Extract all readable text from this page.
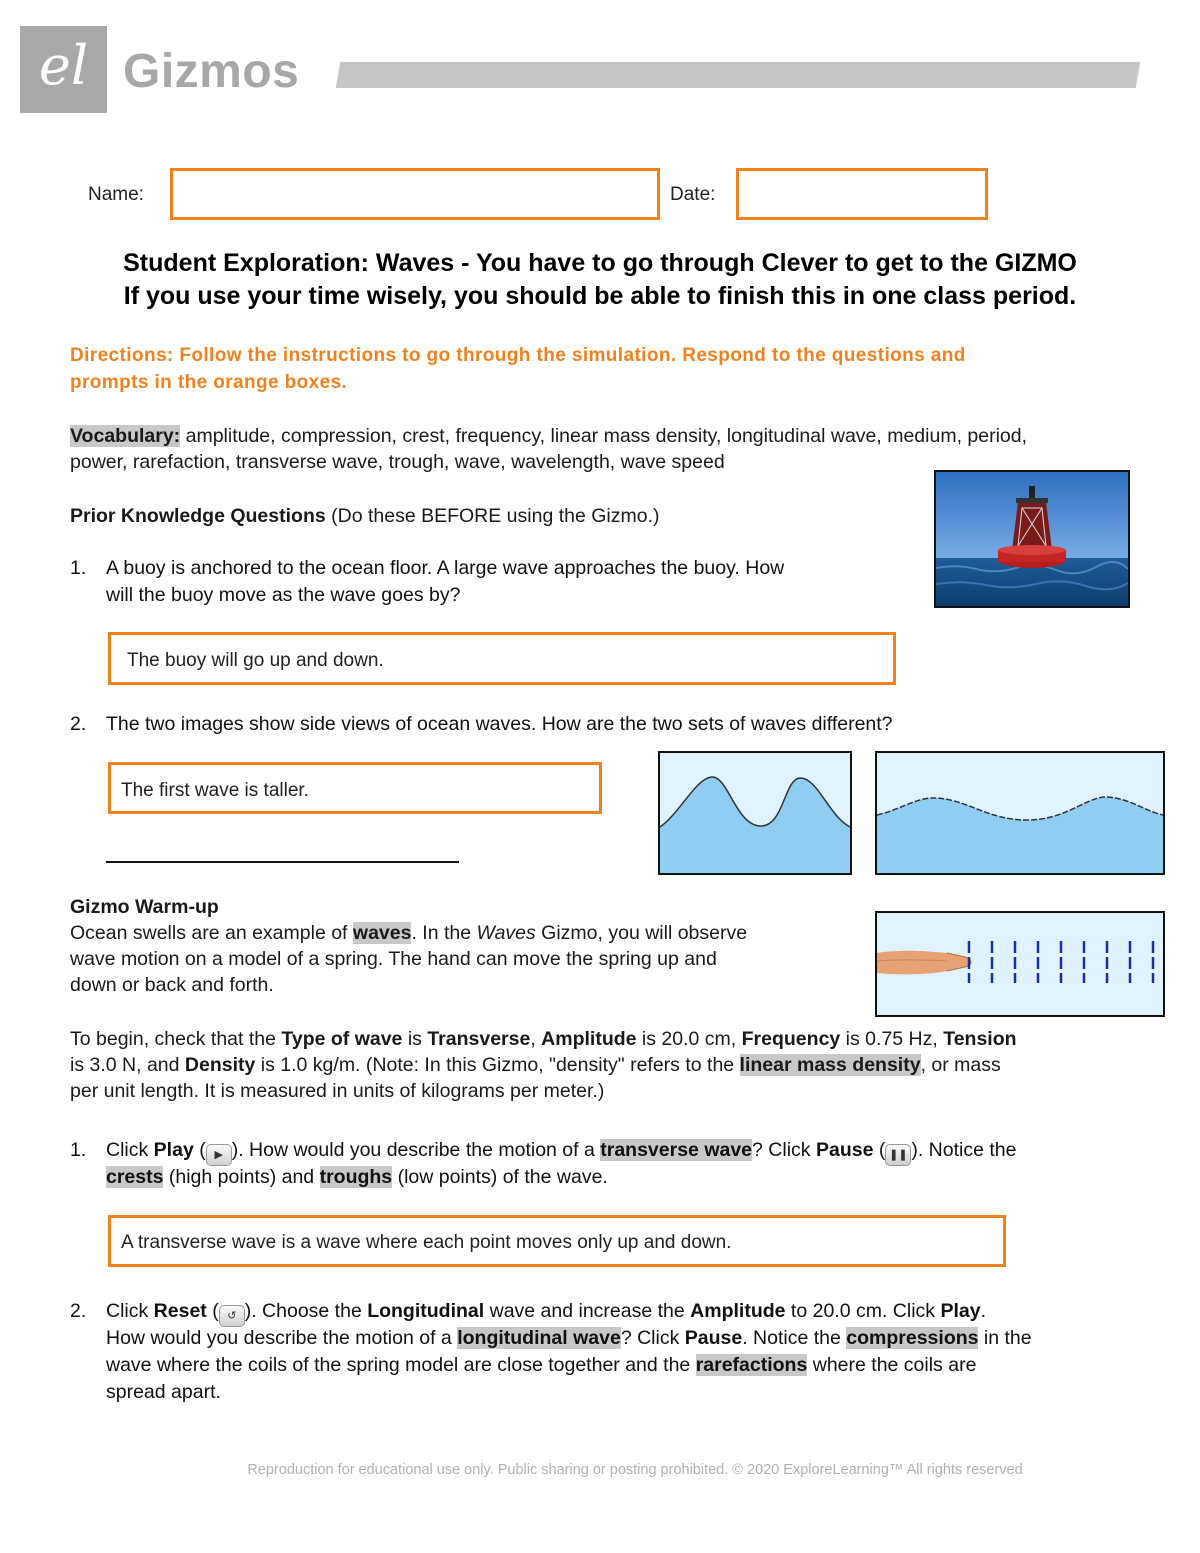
el Gizmos
Name:	Date:
Student Exploration: Waves - You have to go through Clever to get to the GIZMO
If you use your time wisely, you should be able to finish this in one class period.
Directions: Follow the instructions to go through the simulation. Respond to the questions and
prompts in the orange boxes.
Vocabulary: amplitude, compression, crest, frequency, linear mass density, longitudinal wave, medium, period,
power, rarefaction, transverse wave, trough, wave, wavelength, wave speed
Prior Knowledge Questions (Do these BEFORE using the Gizmo.)
1. A buoy is anchored to the ocean floor. A large wave approaches the buoy. How
will the buoy move as the wave goes by?
The buoy will go up and down.
2. The two images show side views of ocean waves. How are the two sets of waves different?
The first wave is taller.
Gizmo Warm-up
Ocean swells are an example of waves. In the Waves Gizmo, you will observe
wave motion on a model of a spring. The hand can move the spring up and
down or back and forth.
To begin, check that the Type of wave is Transverse, Amplitude is 20.0 cm, Frequency is 0.75 Hz, Tension
is 3.0 N, and Density is 1.0 kg/m. (Note: In this Gizmo, "density" refers to the linear mass density, or mass
per unit length. It is measured in units of kilograms per meter.)
1. Click Play ( ▶ ). How would you describe the motion of a transverse wave? Click Pause ( ❚❚ ). Notice the
crests (high points) and troughs (low points) of the wave.
A transverse wave is a wave where each point moves only up and down.
2. Click Reset ( ↺ ). Choose the Longitudinal wave and increase the Amplitude to 20.0 cm. Click Play.
How would you describe the motion of a longitudinal wave? Click Pause. Notice the compressions in the
wave where the coils of the spring model are close together and the rarefactions where the coils are
spread apart.
Reproduction for educational use only. Public sharing or posting prohibited. © 2020 ExploreLearning™ All rights reserved
